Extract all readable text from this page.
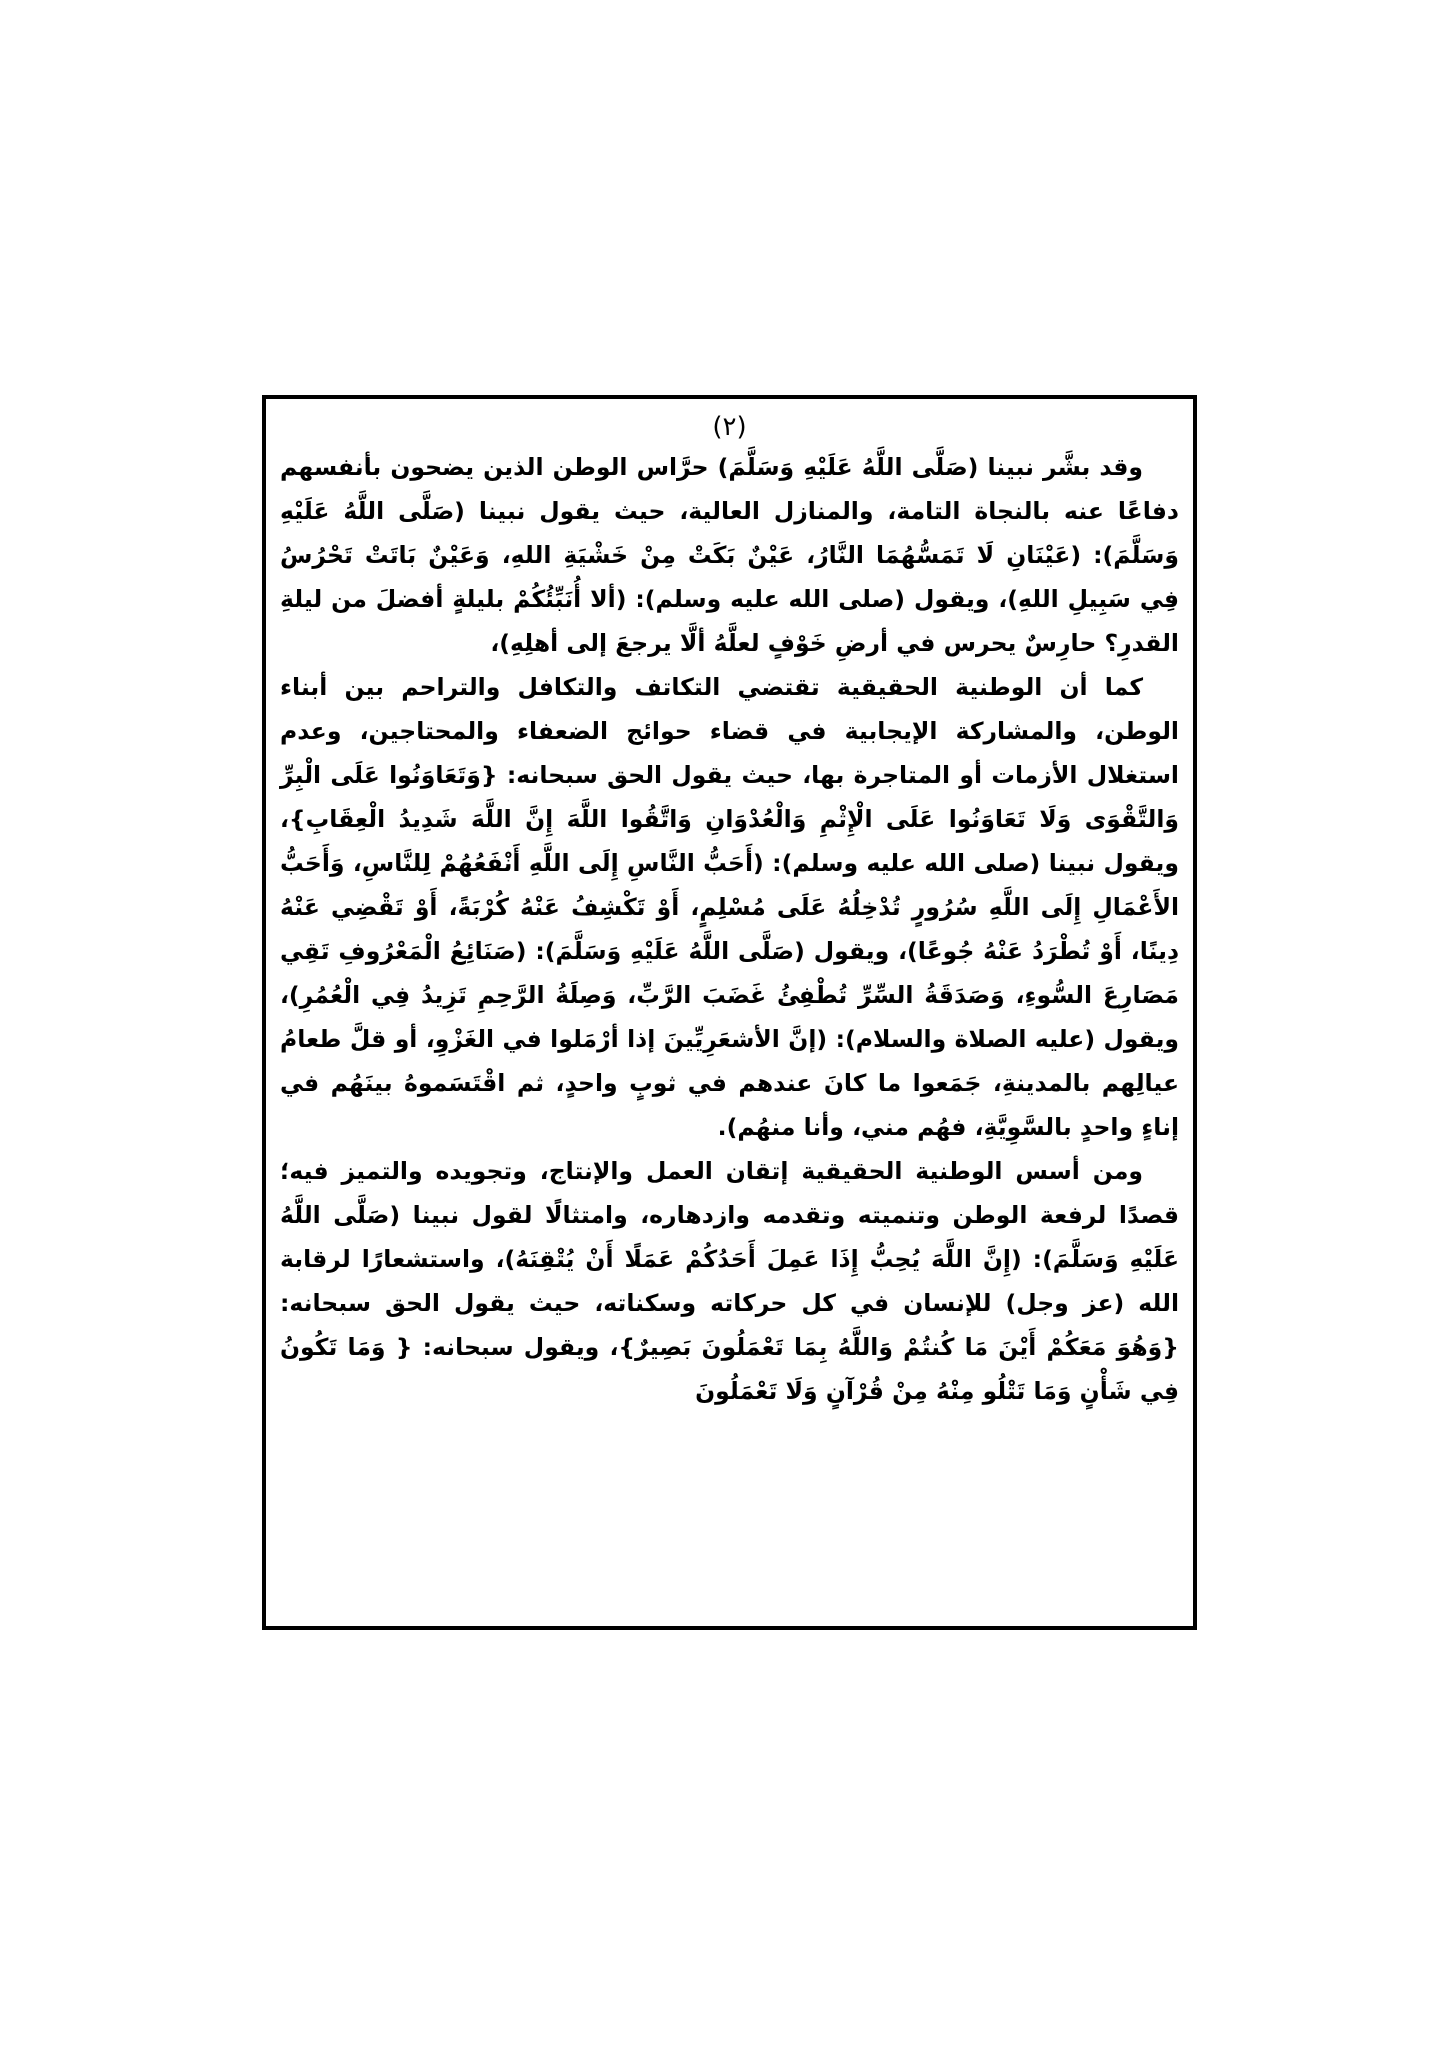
(٢)

وقد بشَّر نبينا (صَلَّى اللَّهُ عَلَيْهِ وَسَلَّمَ) حرَّاس الوطن الذين يضحون بأنفسهم دفاعًا عنه بالنجاة التامة، والمنازل العالية، حيث يقول نبينا (صَلَّى اللَّهُ عَلَيْهِ وَسَلَّمَ): (عَيْنَانِ لَا تَمَسُّهُمَا النَّارُ، عَيْنٌ بَكَتْ مِنْ خَشْيَةِ اللهِ، وَعَيْنٌ بَاتَتْ تَحْرُسُ فِي سَبِيلِ اللهِ)، ويقول (صلى الله عليه وسلم): (ألا أُنَبِّئُكُمْ بليلةٍ أفضلَ من ليلةِ القدرِ؟ حارِسٌ يحرس في أرضِ خَوْفٍ لعلَّهُ ألَّا يرجعَ إلى أهلِهِ)،

كما أن الوطنية الحقيقية تقتضي التكاتف والتكافل والتراحم بين أبناء الوطن، والمشاركة الإيجابية في قضاء حوائج الضعفاء والمحتاجين، وعدم استغلال الأزمات أو المتاجرة بها، حيث يقول الحق سبحانه: {وَتَعَاوَنُوا عَلَى الْبِرِّ وَالتَّقْوَى وَلَا تَعَاوَنُوا عَلَى الْإِثْمِ وَالْعُدْوَانِ وَاتَّقُوا اللَّهَ إِنَّ اللَّهَ شَدِيدُ الْعِقَابِ}، ويقول نبينا (صلى الله عليه وسلم): (أَحَبُّ النَّاسِ إِلَى اللَّهِ أَنْفَعُهُمْ لِلنَّاسِ، وَأَحَبُّ الأَعْمَالِ إِلَى اللَّهِ سُرُورٍ تُدْخِلُهُ عَلَى مُسْلِمٍ، أَوْ تَكْشِفُ عَنْهُ كُرْبَةً، أَوْ تَقْضِي عَنْهُ دِينًا، أَوْ تُطْرَدُ عَنْهُ جُوعًا)، ويقول (صَلَّى اللَّهُ عَلَيْهِ وَسَلَّمَ): (صَنَائِعُ الْمَعْرُوفِ تَقِي مَصَارِعَ السُّوءِ، وَصَدَقَةُ السِّرِّ تُطْفِئُ غَضَبَ الرَّبِّ، وَصِلَةُ الرَّحِمِ تَزِيدُ فِي الْعُمُرِ)، ويقول (عليه الصلاة والسلام): (إنَّ الأشعَرِيِّينَ إذا أرْمَلوا في الغَزْوِ، أو قلَّ طعامُ عيالِهم بالمدينةِ، جَمَعوا ما كانَ عندهم في ثوبٍ واحدٍ، ثم اقْتَسَموهُ بينَهُم في إناءٍ واحدٍ بالسَّوِيَّةِ، فهُم مني، وأنا منهُم).

ومن أسس الوطنية الحقيقية إتقان العمل والإنتاج، وتجويده والتميز فيه؛ قصدًا لرفعة الوطن وتنميته وتقدمه وازدهاره، وامتثالًا لقول نبينا (صَلَّى اللَّهُ عَلَيْهِ وَسَلَّمَ): (إِنَّ اللَّهَ يُحِبُّ إِذَا عَمِلَ أَحَدُكُمْ عَمَلًا أَنْ يُتْقِنَهُ)، واستشعارًا لرقابة الله (عز وجل) للإنسان في كل حركاته وسكناته، حيث يقول الحق سبحانه: {وَهُوَ مَعَكُمْ أَيْنَ مَا كُنتُمْ وَاللَّهُ بِمَا تَعْمَلُونَ بَصِيرٌ}، ويقول سبحانه: { وَمَا تَكُونُ فِي شَأْنٍ وَمَا تَتْلُو مِنْهُ مِنْ قُرْآنٍ وَلَا تَعْمَلُونَ
